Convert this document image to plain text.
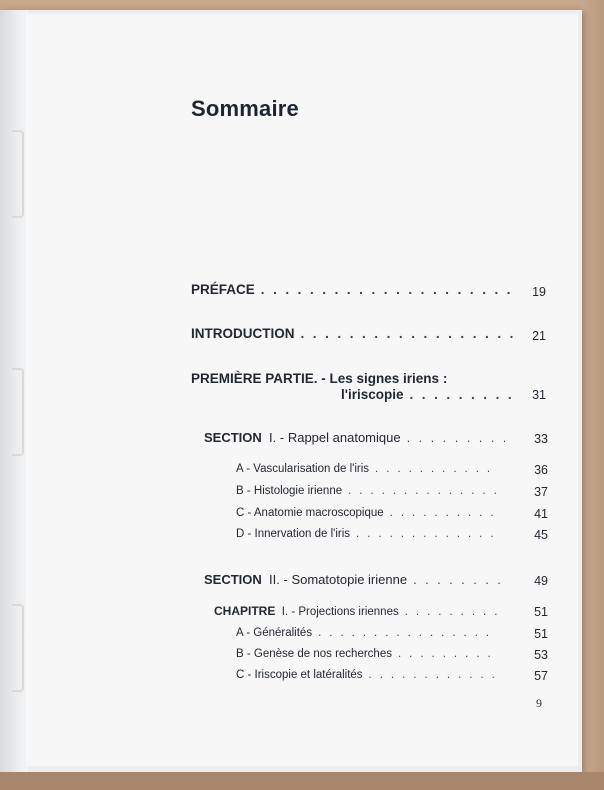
Sommaire
PRÉFACE . . .	19
INTRODUCTION . . .	21
PREMIÈRE PARTIE. - Les signes iriens :
l'iriscopie . . .	31
SECTION I. - Rappel anatomique . . .	33
A - Vascularisation de l'iris . . .	36
B - Histologie irienne . . .	37
C - Anatomie macroscopique . . .	41
D - Innervation de l'iris . . .	45
SECTION II. - Somatotopie irienne . . .	49
CHAPITRE I. - Projections iriennes . . .	51
A - Généralités . . .	51
B - Genèse de nos recherches . . .	53
C - Iriscopie et latéralités . . .	57
9
